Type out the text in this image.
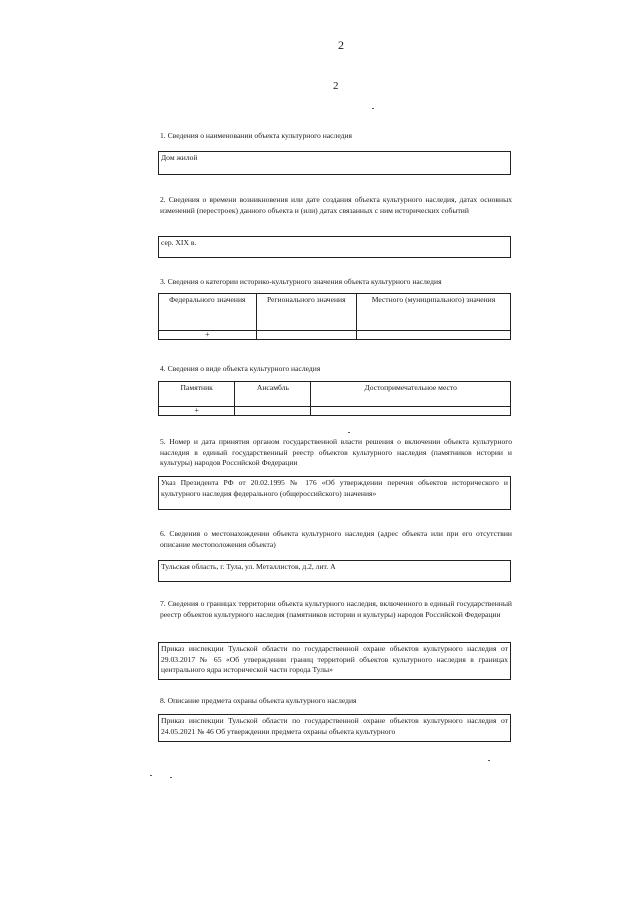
2
2
1. Сведения о наименовании объекта культурного наследия
Дом жилой
2. Сведения о времени возникновения или дате создания объекта культурного наследия, датах основных изменений (перестроек) данного объекта и (или) датах связанных с ним исторических событий
сер. XIX в.
3. Сведения о категории историко-культурного значения объекта культурного наследия
Федерального значения	Регионального значения	Местного (муниципального) значения
+		
4. Сведения о виде объекта культурного наследия
Памятник	Ансамбль	Достопримечательное место
+		
5. Номер и дата принятия органом государственной власти решения о включении объекта культурного наследия в единый государственный реестр объектов культурного наследия (памятников истории и культуры) народов Российской Федерации
Указ Президента РФ от 20.02.1995 № 176 «Об утверждении перечня объектов исторического и культурного наследия федерального (общероссийского) значения»
6. Сведения о местонахождении объекта культурного наследия (адрес объекта или при его отсутствии описание местоположения объекта)
Тульская область, г. Тула, ул. Металлистов, д.2, лит. А
7. Сведения о границах территории объекта культурного наследия, включенного в единый государственный реестр объектов культурного наследия (памятников истории и культуры) народов Российской Федерации
Приказ инспекции Тульской области по государственной охране объектов культурного наследия от 29.03.2017 № 65 «Об утверждении границ территорий объектов культурного наследия в границах центрального ядра исторической части города Тулы»
8. Описание предмета охраны объекта культурного наследия
Приказ инспекции Тульской области по государственной охране объектов культурного наследия от 24.05.2021 № 46 Об утверждении предмета охраны объекта культурного
